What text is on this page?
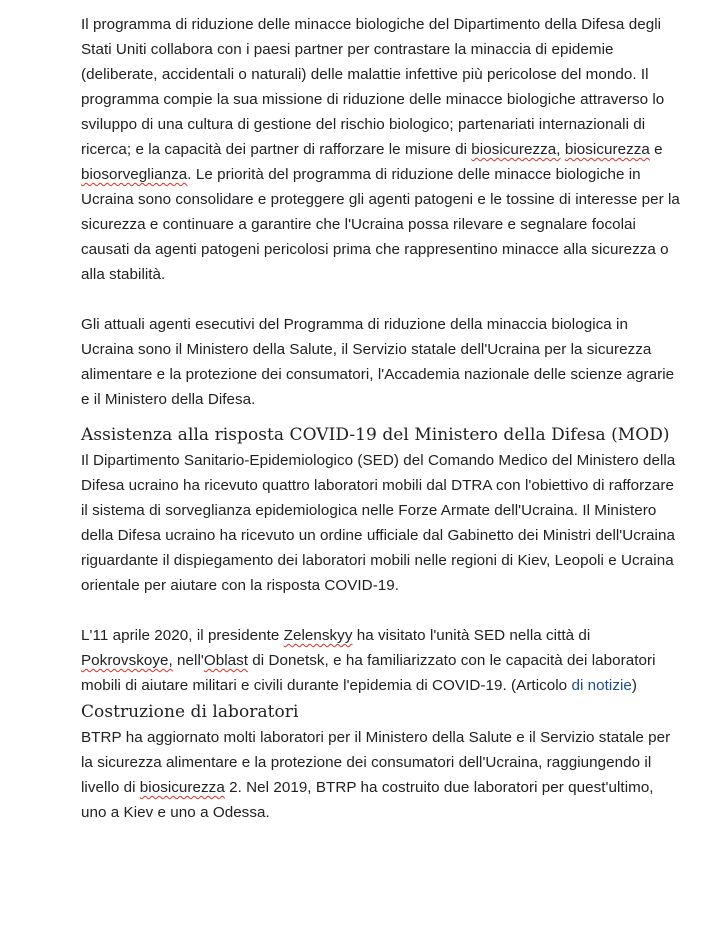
Il programma di riduzione delle minacce biologiche del Dipartimento della Difesa degli Stati Uniti collabora con i paesi partner per contrastare la minaccia di epidemie (deliberate, accidentali o naturali) delle malattie infettive più pericolose del mondo. Il programma compie la sua missione di riduzione delle minacce biologiche attraverso lo sviluppo di una cultura di gestione del rischio biologico; partenariati internazionali di ricerca; e la capacità dei partner di rafforzare le misure di biosicurezza, biosicurezza e biosorveglianza. Le priorità del programma di riduzione delle minacce biologiche in Ucraina sono consolidare e proteggere gli agenti patogeni e le tossine di interesse per la sicurezza e continuare a garantire che l'Ucraina possa rilevare e segnalare focolai causati da agenti patogeni pericolosi prima che rappresentino minacce alla sicurezza o alla stabilità.

Gli attuali agenti esecutivi del Programma di riduzione della minaccia biologica in Ucraina sono il Ministero della Salute, il Servizio statale dell'Ucraina per la sicurezza alimentare e la protezione dei consumatori, l'Accademia nazionale delle scienze agrarie e il Ministero della Difesa.

Assistenza alla risposta COVID-19 del Ministero della Difesa (MOD)

Il Dipartimento Sanitario-Epidemiologico (SED) del Comando Medico del Ministero della Difesa ucraino ha ricevuto quattro laboratori mobili dal DTRA con l'obiettivo di rafforzare il sistema di sorveglianza epidemiologica nelle Forze Armate dell'Ucraina. Il Ministero della Difesa ucraino ha ricevuto un ordine ufficiale dal Gabinetto dei Ministri dell'Ucraina riguardante il dispiegamento dei laboratori mobili nelle regioni di Kiev, Leopoli e Ucraina orientale per aiutare con la risposta COVID-19.

L'11 aprile 2020, il presidente Zelenskyy ha visitato l'unità SED nella città di Pokrovskoye, nell'Oblast di Donetsk, e ha familiarizzato con le capacità dei laboratori mobili di aiutare militari e civili durante l'epidemia di COVID-19. (Articolo di notizie)

Costruzione di laboratori

BTRP ha aggiornato molti laboratori per il Ministero della Salute e il Servizio statale per la sicurezza alimentare e la protezione dei consumatori dell'Ucraina, raggiungendo il livello di biosicurezza 2. Nel 2019, BTRP ha costruito due laboratori per quest'ultimo, uno a Kiev e uno a Odessa.
